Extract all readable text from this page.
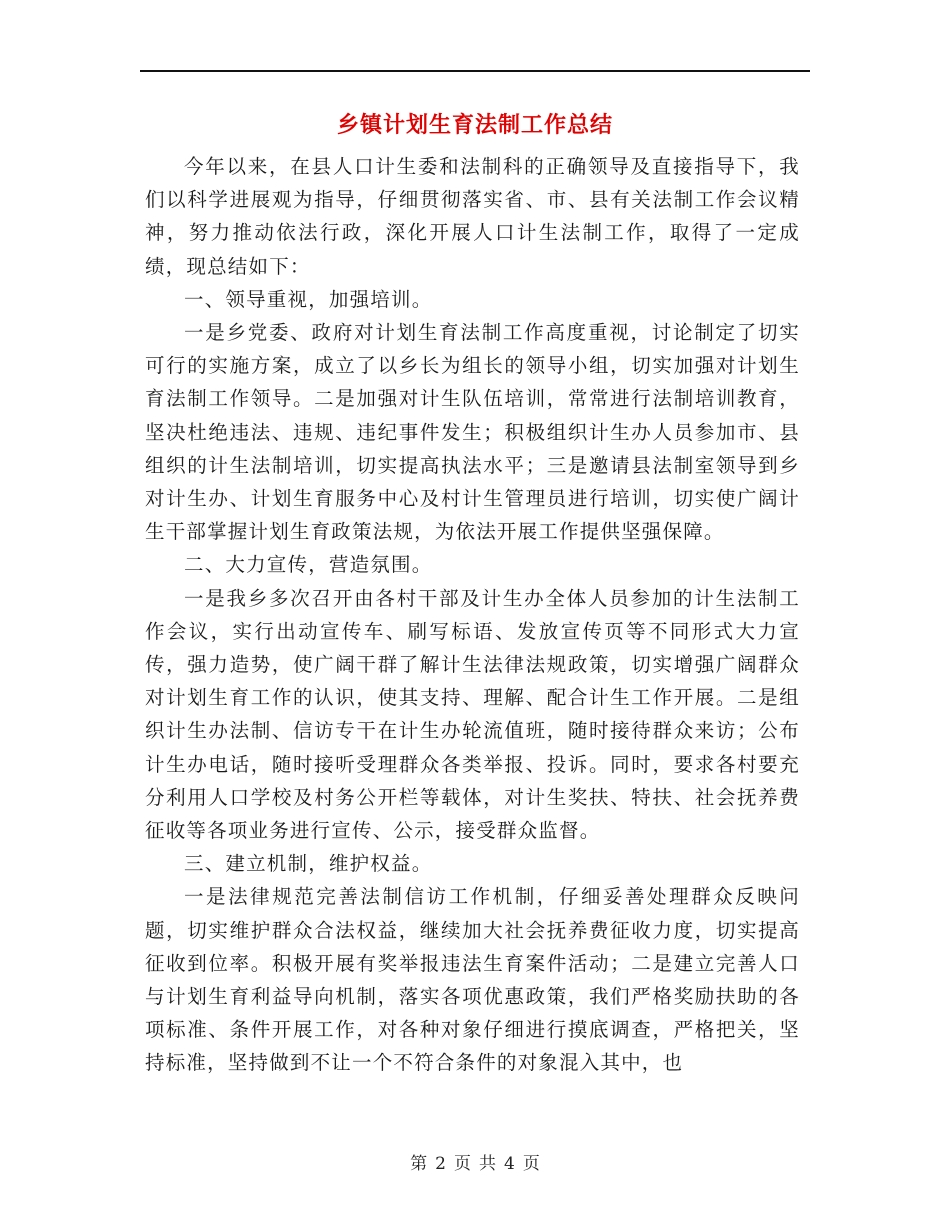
乡镇计划生育法制工作总结

今年以来，在县人口计生委和法制科的正确领导及直接指导下，我们以科学进展观为指导，仔细贯彻落实省、市、县有关法制工作会议精神，努力推动依法行政，深化开展人口计生法制工作，取得了一定成绩，现总结如下：

一、领导重视，加强培训。

一是乡党委、政府对计划生育法制工作高度重视，讨论制定了切实可行的实施方案，成立了以乡长为组长的领导小组，切实加强对计划生育法制工作领导。二是加强对计生队伍培训，常常进行法制培训教育，坚决杜绝违法、违规、违纪事件发生；积极组织计生办人员参加市、县组织的计生法制培训，切实提高执法水平；三是邀请县法制室领导到乡对计生办、计划生育服务中心及村计生管理员进行培训，切实使广阔计生干部掌握计划生育政策法规，为依法开展工作提供坚强保障。

二、大力宣传，营造氛围。

一是我乡多次召开由各村干部及计生办全体人员参加的计生法制工作会议，实行出动宣传车、刷写标语、发放宣传页等不同形式大力宣传，强力造势，使广阔干群了解计生法律法规政策，切实增强广阔群众对计划生育工作的认识，使其支持、理解、配合计生工作开展。二是组织计生办法制、信访专干在计生办轮流值班，随时接待群众来访；公布计生办电话，随时接听受理群众各类举报、投诉。同时，要求各村要充分利用人口学校及村务公开栏等载体，对计生奖扶、特扶、社会抚养费征收等各项业务进行宣传、公示，接受群众监督。

三、建立机制，维护权益。

一是法律规范完善法制信访工作机制，仔细妥善处理群众反映问题，切实维护群众合法权益，继续加大社会抚养费征收力度，切实提高征收到位率。积极开展有奖举报违法生育案件活动；二是建立完善人口与计划生育利益导向机制，落实各项优惠政策，我们严格奖励扶助的各项标准、条件开展工作，对各种对象仔细进行摸底调查，严格把关，坚持标准，坚持做到不让一个不符合条件的对象混入其中，也

第 2 页 共 4 页
